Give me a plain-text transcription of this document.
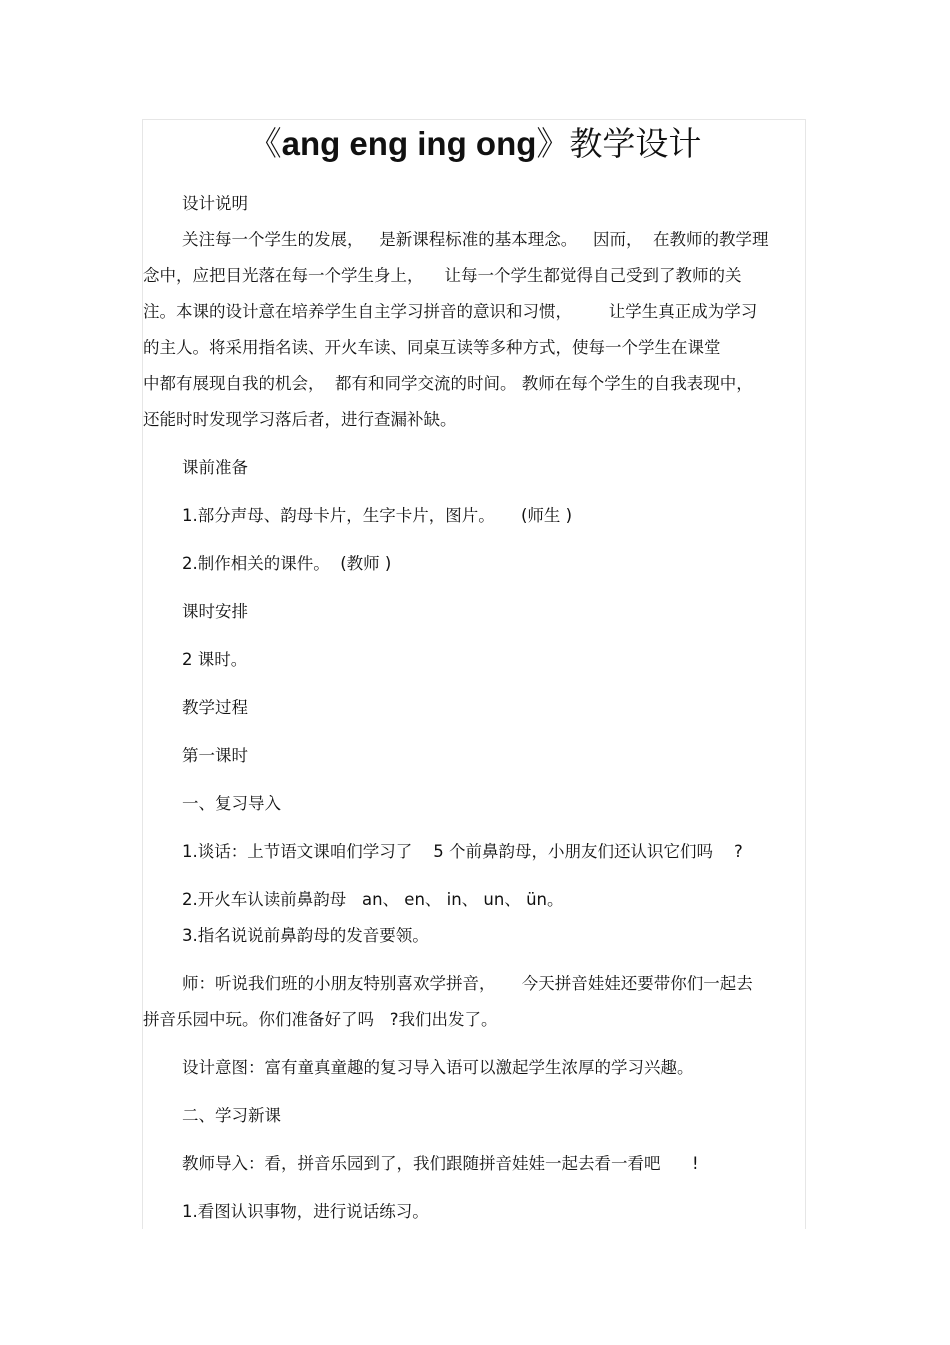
《ang eng ing ong》教学设计

设计说明

关注每一个学生的发展，   是新课程标准的基本理念。   因而，  在教师的教学理

念中，应把目光落在每一个学生身上，    让每一个学生都觉得自己受到了教师的关

注。本课的设计意在培养学生自主学习拼音的意识和习惯，       让学生真正成为学习

的主人。将采用指名读、开火车读、同桌互读等多种方式，使每一个学生在课堂

中都有展现自我的机会，  都有和同学交流的时间。 教师在每个学生的自我表现中，

还能时时发现学习落后者，进行查漏补缺。

课前准备

1.部分声母、韵母卡片，生字卡片，图片。     (师生 )

2.制作相关的课件。  (教师 )

课时安排

2 课时。

教学过程

第一课时

一、复习导入

1.谈话：上节语文课咱们学习了    5 个前鼻韵母，小朋友们还认识它们吗    ?

2.开火车认读前鼻韵母   an、 en、 in、 un、 ün。

3.指名说说前鼻韵母的发音要领。

师：听说我们班的小朋友特别喜欢学拼音，     今天拼音娃娃还要带你们一起去

拼音乐园中玩。你们准备好了吗   ?我们出发了。

设计意图：富有童真童趣的复习导入语可以激起学生浓厚的学习兴趣。

二、学习新课

教师导入：看，拼音乐园到了，我们跟随拼音娃娃一起去看一看吧      !

1.看图认识事物，进行说话练习。
